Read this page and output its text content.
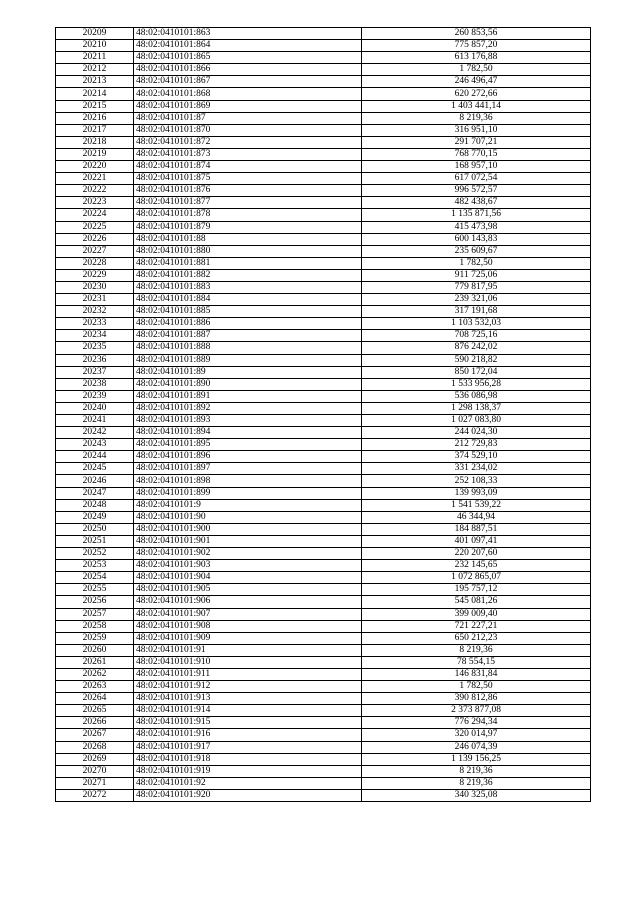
20209	48:02:0410101:863	260 853,56
20210	48:02:0410101:864	775 857,20
20211	48:02:0410101:865	613 176,88
20212	48:02:0410101:866	1 782,50
20213	48:02:0410101:867	246 496,47
20214	48:02:0410101:868	620 272,66
20215	48:02:0410101:869	1 403 441,14
20216	48:02:0410101:87	8 219,36
20217	48:02:0410101:870	316 951,10
20218	48:02:0410101:872	291 707,21
20219	48:02:0410101:873	768 770,15
20220	48:02:0410101:874	168 957,10
20221	48:02:0410101:875	617 072,54
20222	48:02:0410101:876	996 572,57
20223	48:02:0410101:877	482 438,67
20224	48:02:0410101:878	1 135 871,56
20225	48:02:0410101:879	415 473,98
20226	48:02:0410101:88	600 143,83
20227	48:02:0410101:880	235 609,67
20228	48:02:0410101:881	1 782,50
20229	48:02:0410101:882	911 725,06
20230	48:02:0410101:883	779 817,95
20231	48:02:0410101:884	239 321,06
20232	48:02:0410101:885	317 191,68
20233	48:02:0410101:886	1 103 532,03
20234	48:02:0410101:887	708 725,16
20235	48:02:0410101:888	876 242,02
20236	48:02:0410101:889	590 218,82
20237	48:02:0410101:89	850 172,04
20238	48:02:0410101:890	1 533 956,28
20239	48:02:0410101:891	536 086,98
20240	48:02:0410101:892	1 298 138,37
20241	48:02:0410101:893	1 027 083,80
20242	48:02:0410101:894	244 024,30
20243	48:02:0410101:895	212 729,83
20244	48:02:0410101:896	374 529,10
20245	48:02:0410101:897	331 234,02
20246	48:02:0410101:898	252 108,33
20247	48:02:0410101:899	139 993,09
20248	48:02:0410101:9	1 541 539,22
20249	48:02:0410101:90	46 344,94
20250	48:02:0410101:900	184 887,51
20251	48:02:0410101:901	401 097,41
20252	48:02:0410101:902	220 207,60
20253	48:02:0410101:903	232 145,65
20254	48:02:0410101:904	1 072 865,07
20255	48:02:0410101:905	195 757,12
20256	48:02:0410101:906	545 081,26
20257	48:02:0410101:907	399 009,40
20258	48:02:0410101:908	721 227,21
20259	48:02:0410101:909	650 212,23
20260	48:02:0410101:91	8 219,36
20261	48:02:0410101:910	78 554,15
20262	48:02:0410101:911	146 831,84
20263	48:02:0410101:912	1 782,50
20264	48:02:0410101:913	390 812,86
20265	48:02:0410101:914	2 373 877,08
20266	48:02:0410101:915	776 294,34
20267	48:02:0410101:916	320 014,97
20268	48:02:0410101:917	246 074,39
20269	48:02:0410101:918	1 139 156,25
20270	48:02:0410101:919	8 219,36
20271	48:02:0410101:92	8 219,36
20272	48:02:0410101:920	340 325,08
